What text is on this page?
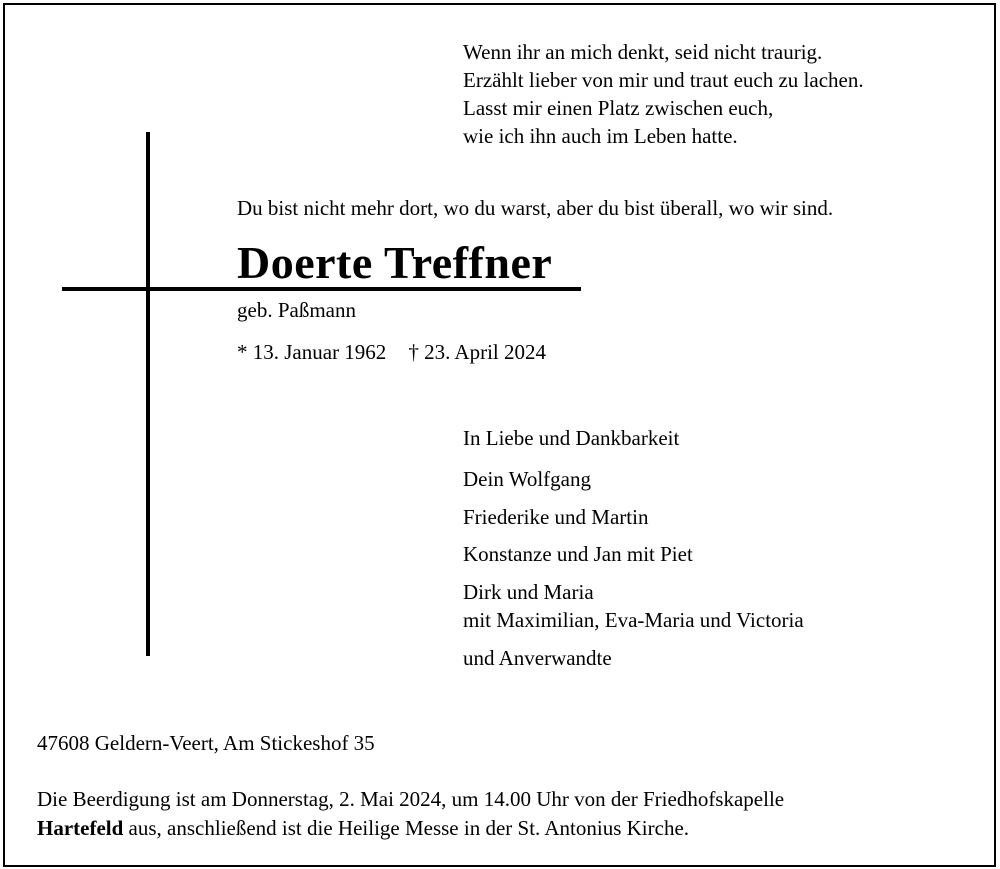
Wenn ihr an mich denkt, seid nicht traurig.
Erzählt lieber von mir und traut euch zu lachen.
Lasst mir einen Platz zwischen euch,
wie ich ihn auch im Leben hatte.
Du bist nicht mehr dort, wo du warst, aber du bist überall, wo wir sind.
Doerte Treffner
geb. Paßmann
* 13. Januar 1962 † 23. April 2024
In Liebe und Dankbarkeit
Dein Wolfgang
Friederike und Martin
Konstanze und Jan mit Piet
Dirk und Maria
mit Maximilian, Eva-Maria und Victoria
und Anverwandte
47608 Geldern-Veert, Am Stickeshof 35
Die Beerdigung ist am Donnerstag, 2. Mai 2024, um 14.00 Uhr von der Friedhofskapelle
Hartefeld aus, anschließend ist die Heilige Messe in der St. Antonius Kirche.
